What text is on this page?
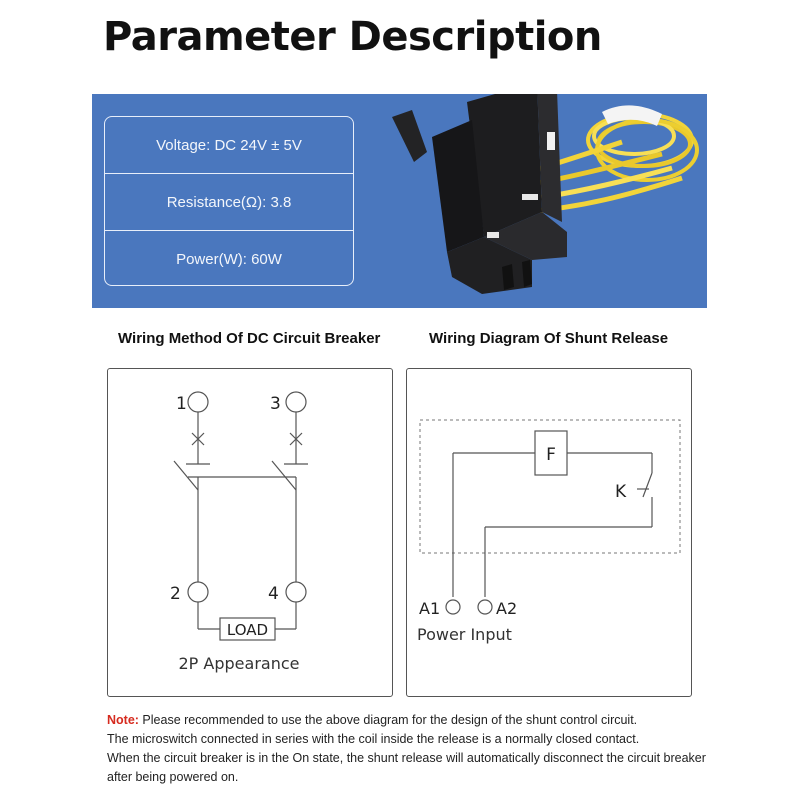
Parameter Description
Voltage: DC 24V ± 5V
Resistance(Ω): 3.8
Power(W): 60W
Wiring Method Of DC Circuit Breaker	Wiring Diagram Of Shunt Release
1	3
2	4
LOAD
2P Appearance
F
K
A1	A2
Power Input

Note: Please recommended to use the above diagram for the design of the shunt control circuit.

The microswitch connected in series with the coil inside the release is a normally closed contact.

When the circuit breaker is in the On state, the shunt release will automatically disconnect the circuit breaker after being powered on.
